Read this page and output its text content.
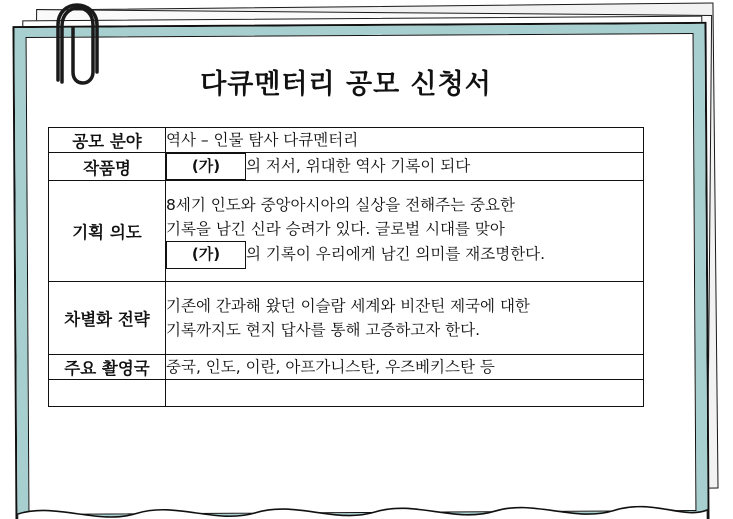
다큐멘터리 공모 신청서
공모 분야	역사 – 인물 탐사 다큐멘터리
작품명	(가) 의 저서, 위대한 역사 기록이 되다
기획 의도	8세기 인도와 중앙아시아의 실상을 전해주는 중요한
기록을 남긴 신라 승려가 있다. 글로벌 시대를 맞아
(가) 의 기록이 우리에게 남긴 의미를 재조명한다.

차별화 전략	기존에 간과해 왔던 이슬람 세계와 비잔틴 제국에 대한
기록까지도 현지 답사를 통해 고증하고자 한다.

주요 촬영국	중국, 인도, 이란, 아프가니스탄, 우즈베키스탄 등
